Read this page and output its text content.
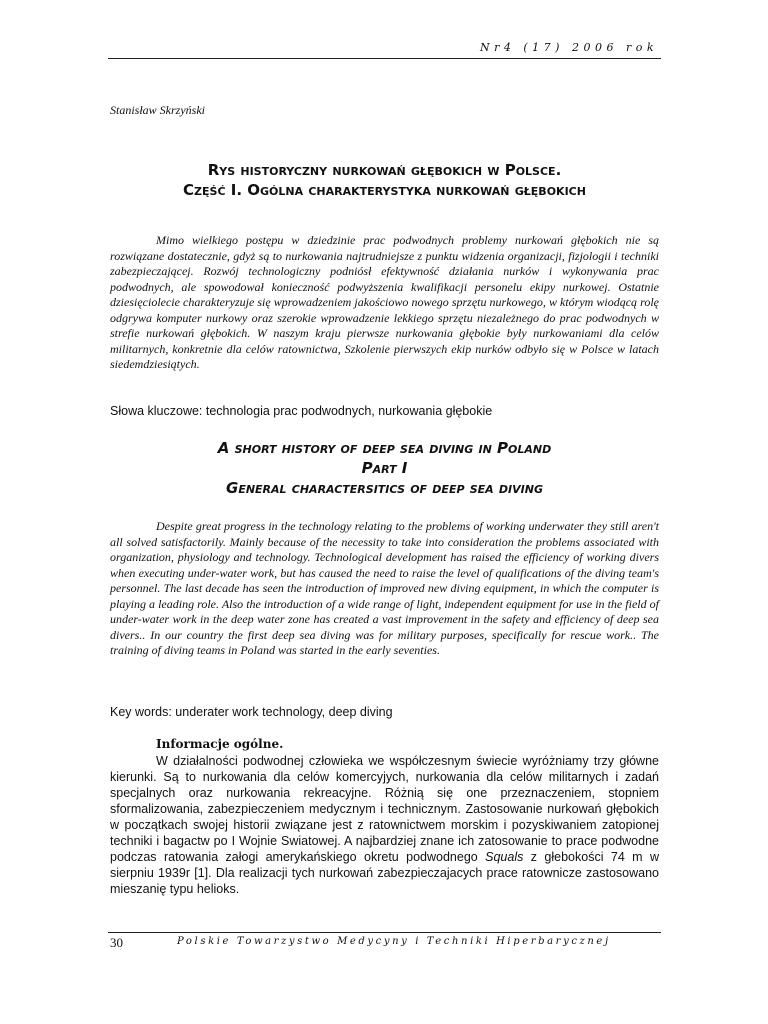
Nr4 (17) 2006 rok
Stanisław Skrzyński
Rys historyczny nurkowań głębokich w Polsce.
Część I. Ogólna charakterystyka nurkowań głębokich

Mimo wielkiego postępu w dziedzinie prac podwodnych problemy nurkowań głębokich nie są rozwiązane dostatecznie, gdyż są to nurkowania najtrudniejsze z punktu widzenia organizacji, fizjologii i techniki zabezpieczającej. Rozwój technologiczny podniósł efektywność działania nurków i wykonywania prac podwodnych, ale spowodował konieczność podwyższenia kwalifikacji personelu ekipy nurkowej. Ostatnie dziesięciolecie charakteryzuje się wprowadzeniem jakościowo nowego sprzętu nurkowego, w którym wiodącą rolę odgrywa komputer nurkowy oraz szerokie wprowadzenie lekkiego sprzętu niezależnego do prac podwodnych w strefie nurkowań głębokich. W naszym kraju pierwsze nurkowania głębokie były nurkowaniami dla celów militarnych, konkretnie dla celów ratownictwa, Szkolenie pierwszych ekip nurków odbyło się w Polsce w latach siedemdziesiątych.

Słowa kluczowe: technologia prac podwodnych, nurkowania głębokie

A short history of deep sea diving in Poland
Part I
General charactersitics of deep sea diving

Despite great progress in the technology relating to the problems of working underwater they still aren't all solved satisfactorily. Mainly because of the necessity to take into consideration the problems associated with organization, physiology and technology. Technological development has raised the efficiency of working divers when executing under-water work, but has caused the need to raise the level of qualifications of the diving team's personnel. The last decade has seen the introduction of improved new diving equipment, in which the computer is playing a leading role. Also the introduction of a wide range of light, independent equipment for use in the field of under-water work in the deep water zone has created a vast improvement in the safety and efficiency of deep sea divers.. In our country the first deep sea diving was for military purposes, specifically for rescue work.. The training of diving teams in Poland was started in the early seventies.

Key words: underater work technology, deep diving

Informacje ogólne.

W działalności podwodnej człowieka we współczesnym świecie wyróżniamy trzy główne kierunki. Są to nurkowania dla celów komercyjych, nurkowania dla celów militarnych i zadań specjalnych oraz nurkowania rekreacyjne. Różnią się one przeznaczeniem, stopniem sformalizowania, zabezpieczeniem medycznym i technicznym. Zastosowanie nurkowań głębokich w początkach swojej historii związane jest z ratownictwem morskim i pozyskiwaniem zatopionej techniki i bagactw po I Wojnie Swiatowej. A najbardziej znane ich zatosowanie to prace podwodne podczas ratowania załogi amerykańskiego okretu podwodnego Squals z głebokości 74 m w sierpniu 1939r [1]. Dla realizacji tych nurkowań zabezpieczajacych prace ratownicze zastosowano mieszanię typu helioks.

30	Polskie Towarzystwo Medycyny i Techniki Hiperbarycznej
